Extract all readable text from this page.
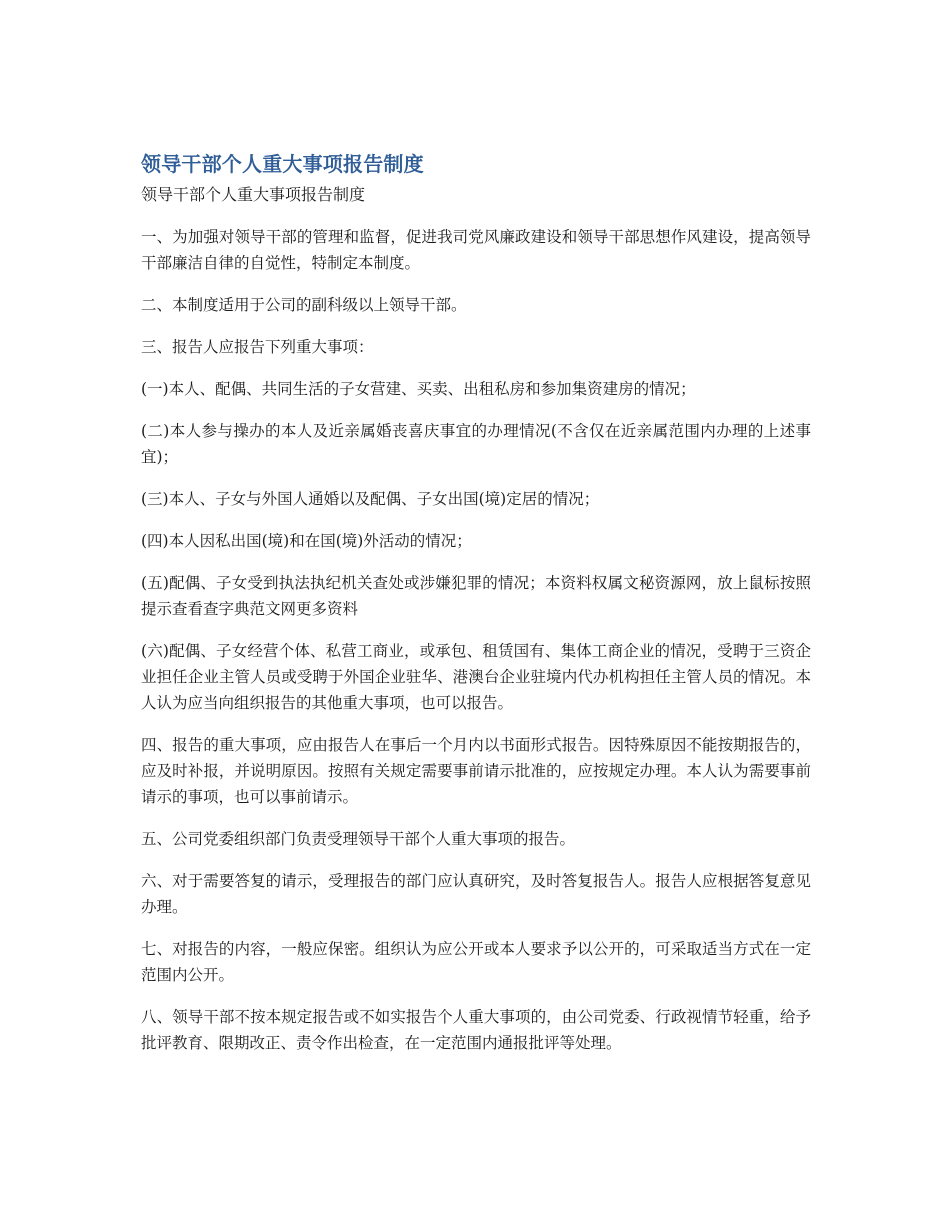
领导干部个人重大事项报告制度

领导干部个人重大事项报告制度

一、为加强对领导干部的管理和监督，促进我司党风廉政建设和领导干部思想作风建设，提高领导干部廉洁自律的自觉性，特制定本制度。

二、本制度适用于公司的副科级以上领导干部。

三、报告人应报告下列重大事项：

(一)本人、配偶、共同生活的子女营建、买卖、出租私房和参加集资建房的情况；

(二)本人参与操办的本人及近亲属婚丧喜庆事宜的办理情况(不含仅在近亲属范围内办理的上述事宜)；

(三)本人、子女与外国人通婚以及配偶、子女出国(境)定居的情况；

(四)本人因私出国(境)和在国(境)外活动的情况；

(五)配偶、子女受到执法执纪机关查处或涉嫌犯罪的情况；本资料权属文秘资源网，放上鼠标按照提示查看查字典范文网更多资料

(六)配偶、子女经营个体、私营工商业，或承包、租赁国有、集体工商企业的情况，受聘于三资企业担任企业主管人员或受聘于外国企业驻华、港澳台企业驻境内代办机构担任主管人员的情况。本人认为应当向组织报告的其他重大事项，也可以报告。

四、报告的重大事项，应由报告人在事后一个月内以书面形式报告。因特殊原因不能按期报告的，应及时补报，并说明原因。按照有关规定需要事前请示批准的，应按规定办理。本人认为需要事前请示的事项，也可以事前请示。

五、公司党委组织部门负责受理领导干部个人重大事项的报告。

六、对于需要答复的请示，受理报告的部门应认真研究，及时答复报告人。报告人应根据答复意见办理。

七、对报告的内容，一般应保密。组织认为应公开或本人要求予以公开的，可采取适当方式在一定范围内公开。

八、领导干部不按本规定报告或不如实报告个人重大事项的，由公司党委、行政视情节轻重，给予批评教育、限期改正、责令作出检查，在一定范围内通报批评等处理。
